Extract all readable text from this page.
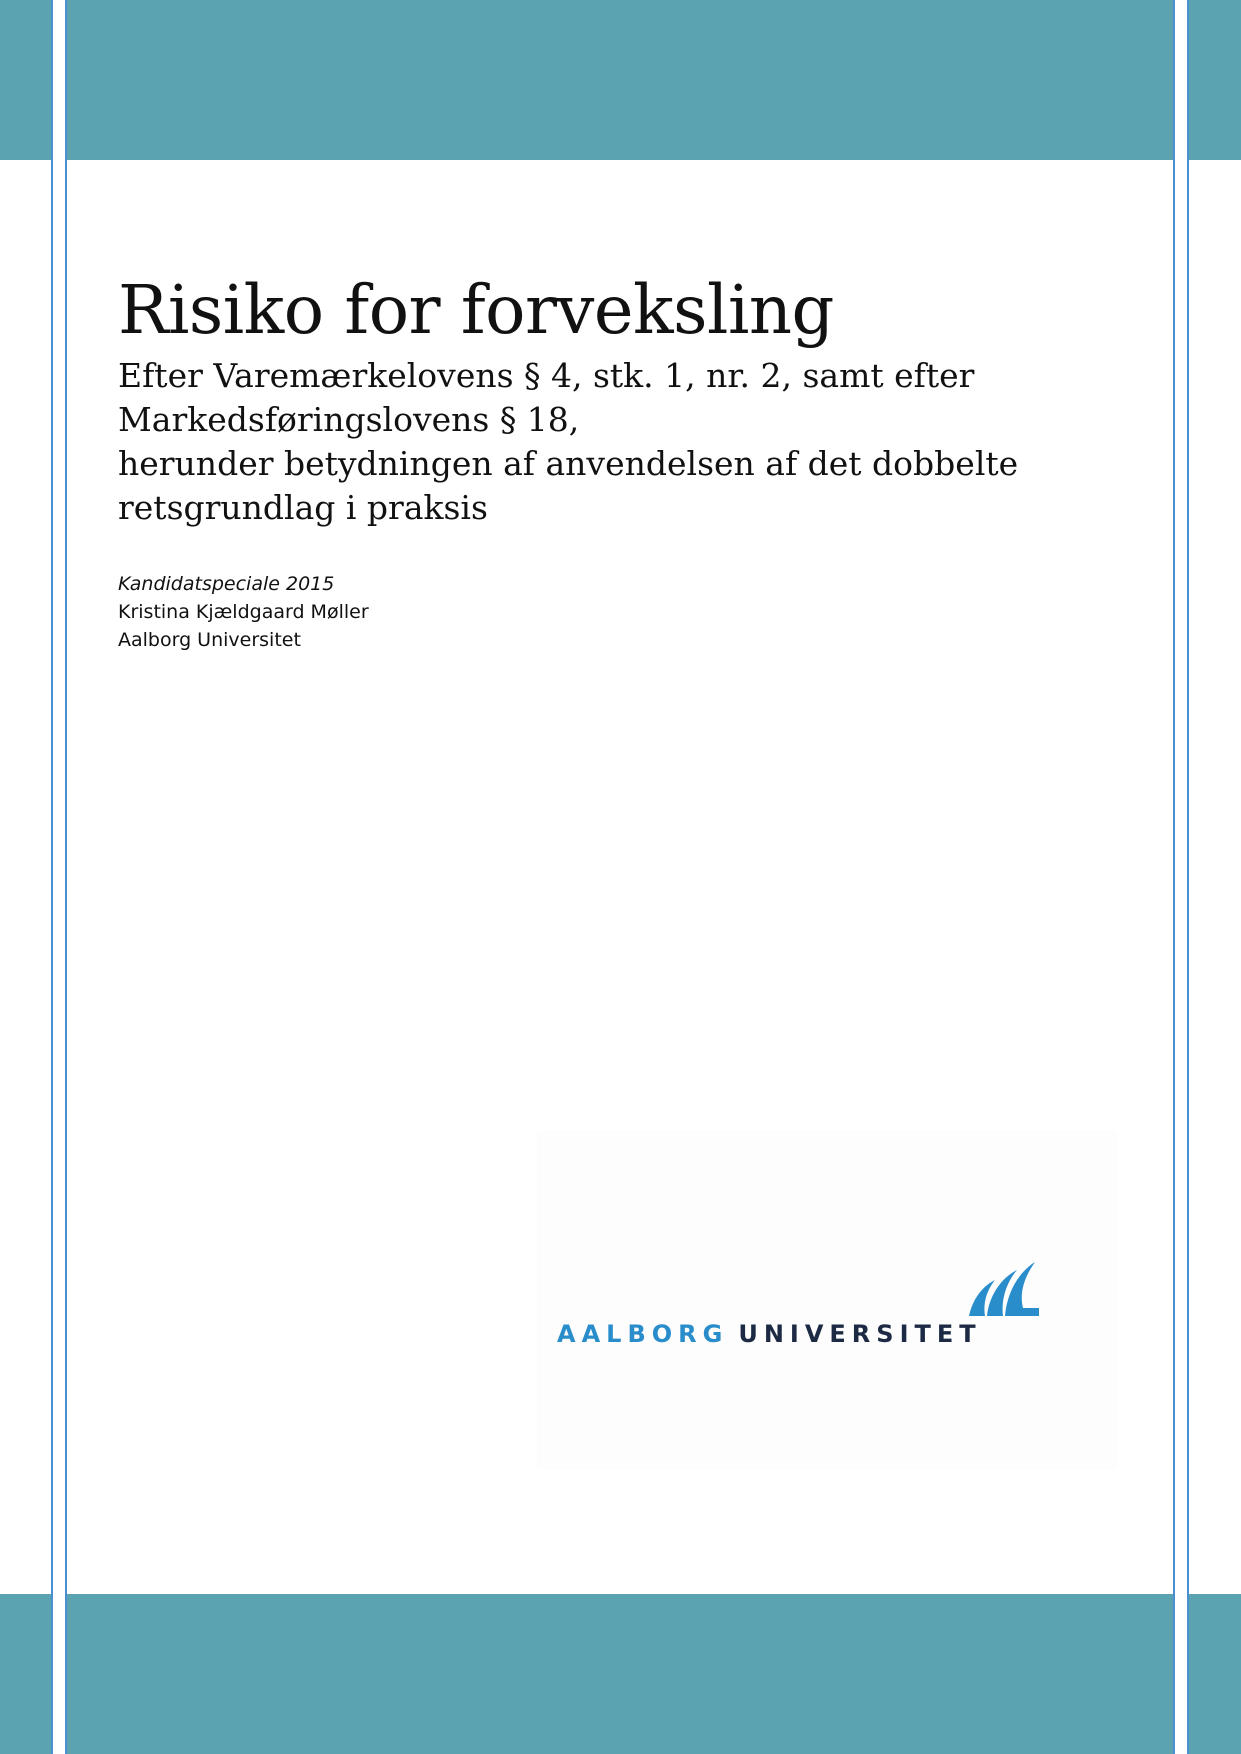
Risiko for forveksling

Efter Varemærkelovens § 4, stk. 1, nr. 2, samt efter
Markedsføringslovens § 18,
herunder betydningen af anvendelsen af det dobbelte
retsgrundlag i praksis

Kandidatspeciale 2015
Kristina Kjældgaard Møller
Aalborg Universitet
AALBORG UNIVERSITET
